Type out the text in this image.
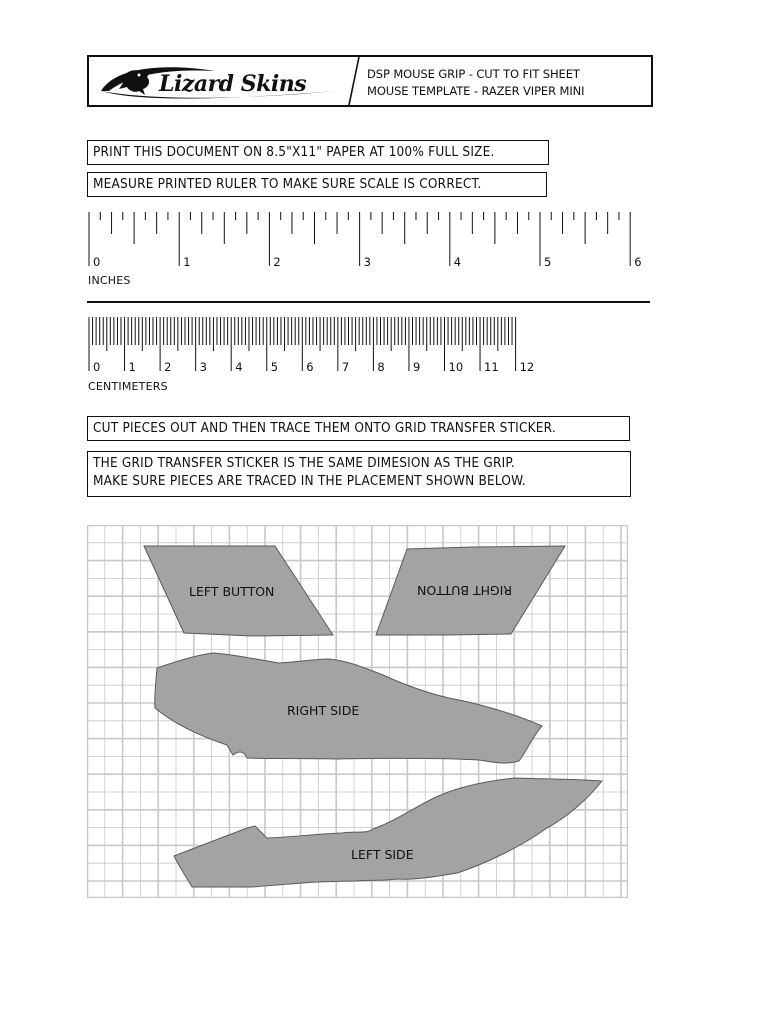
Lizard Skins	DSP MOUSE GRIP - CUT TO FIT SHEET
MOUSE TEMPLATE - RAZER VIPER MINI
PRINT THIS DOCUMENT ON 8.5"X11" PAPER AT 100% FULL SIZE.
MEASURE PRINTED RULER TO MAKE SURE SCALE IS CORRECT.
0	1	2	3	4	5	6
INCHES
0 1 2 3 4 5 6 7 8 9 10 11 12
CENTIMETERS
CUT PIECES OUT AND THEN TRACE THEM ONTO GRID TRANSFER STICKER.
THE GRID TRANSFER STICKER IS THE SAME DIMESION AS THE GRIP.
MAKE SURE PIECES ARE TRACED IN THE PLACEMENT SHOWN BELOW.
LEFT BUTTON	RIGHT BUTTON
RIGHT SIDE
LEFT SIDE
